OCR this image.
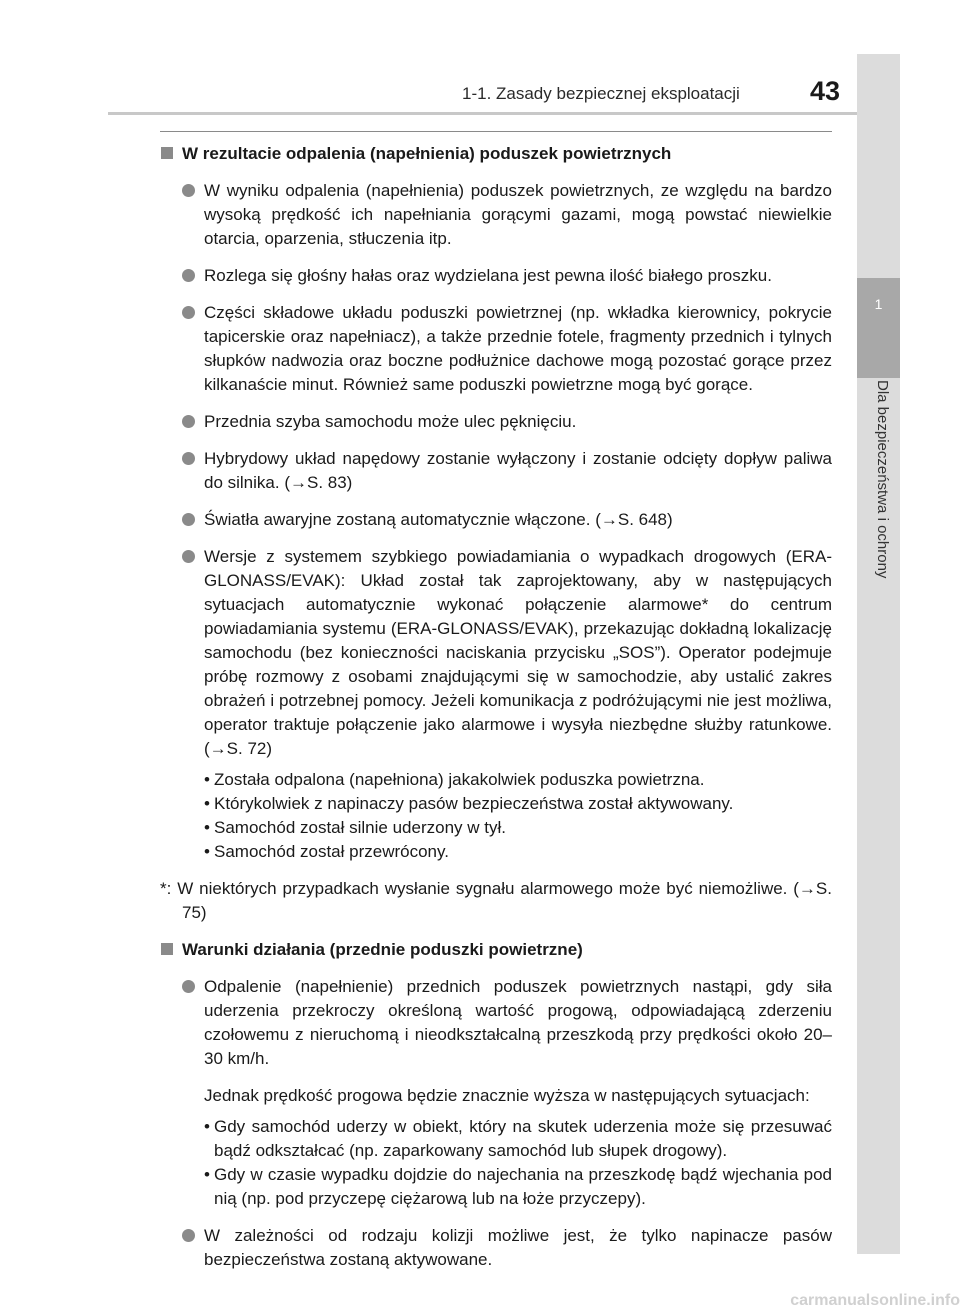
1-1. Zasady bezpiecznej eksploatacji	43
1
Dla bezpieczeństwa i ochrony
W rezultacie odpalenia (napełnienia) poduszek powietrznych
W wyniku odpalenia (napełnienia) poduszek powietrznych, ze względu na bardzo wysoką prędkość ich napełniania gorącymi gazami, mogą powstać niewielkie otarcia, oparzenia, stłuczenia itp.
Rozlega się głośny hałas oraz wydzielana jest pewna ilość białego proszku.
Części składowe układu poduszki powietrznej (np. wkładka kierownicy, pokrycie tapicerskie oraz napełniacz), a także przednie fotele, fragmenty przednich i tylnych słupków nadwozia oraz boczne podłużnice dachowe mogą pozostać gorące przez kilkanaście minut. Również same poduszki powietrzne mogą być gorące.
Przednia szyba samochodu może ulec pęknięciu.
Hybrydowy układ napędowy zostanie wyłączony i zostanie odcięty dopływ paliwa do silnika. (→S. 83)
Światła awaryjne zostaną automatycznie włączone. (→S. 648)
Wersje z systemem szybkiego powiadamiania o wypadkach drogowych (ERA-GLONASS/EVAK): Układ został tak zaprojektowany, aby w następujących sytuacjach automatycznie wykonać połączenie alarmowe* do centrum powiadamiania systemu (ERA-GLONASS/EVAK), przekazując dokładną lokalizację samochodu (bez konieczności naciskania przycisku „SOS”). Operator podejmuje próbę rozmowy z osobami znajdującymi się w samochodzie, aby ustalić zakres obrażeń i potrzebnej pomocy. Jeżeli komunikacja z podróżującymi nie jest możliwa, operator traktuje połączenie jako alarmowe i wysyła niezbędne służby ratunkowe. (→S. 72)
• Została odpalona (napełniona) jakakolwiek poduszka powietrzna.
• Którykolwiek z napinaczy pasów bezpieczeństwa został aktywowany.
• Samochód został silnie uderzony w tył.
• Samochód został przewrócony.
*: W niektórych przypadkach wysłanie sygnału alarmowego może być niemożliwe. (→S. 75)
Warunki działania (przednie poduszki powietrzne)
Odpalenie (napełnienie) przednich poduszek powietrznych nastąpi, gdy siła uderzenia przekroczy określoną wartość progową, odpowiadającą zderzeniu czołowemu z nieruchomą i nieodkształcalną przeszkodą przy prędkości około 20–30 km/h.
Jednak prędkość progowa będzie znacznie wyższa w następujących sytuacjach:
• Gdy samochód uderzy w obiekt, który na skutek uderzenia może się przesuwać bądź odkształcać (np. zaparkowany samochód lub słupek drogowy).
• Gdy w czasie wypadku dojdzie do najechania na przeszkodę bądź wjechania pod nią (np. pod przyczepę ciężarową lub na łoże przyczepy).
W zależności od rodzaju kolizji możliwe jest, że tylko napinacze pasów bezpieczeństwa zostaną aktywowane.
carmanualsonline.info
